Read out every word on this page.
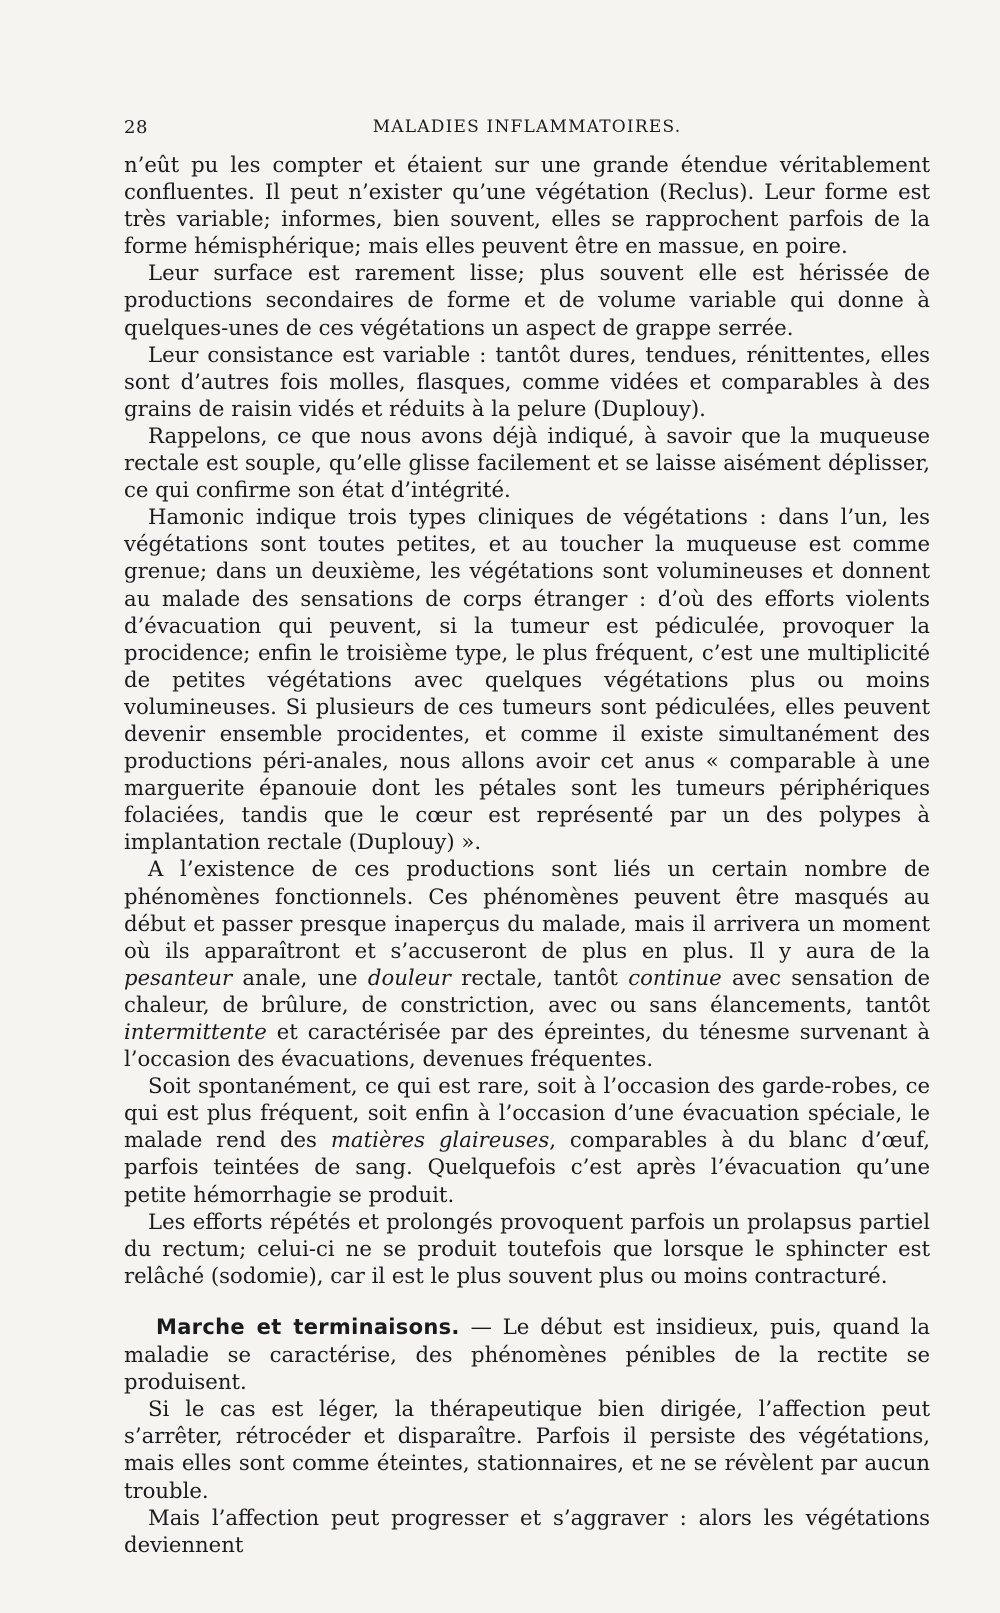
28	MALADIES INFLAMMATOIRES.

n’eût pu les compter et étaient sur une grande étendue véritablement confluentes. Il peut n’exister qu’une végétation (Reclus). Leur forme est très variable; informes, bien souvent, elles se rapprochent parfois de la forme hémisphérique; mais elles peuvent être en massue, en poire.

Leur surface est rarement lisse; plus souvent elle est hérissée de productions secondaires de forme et de volume variable qui donne à quelques-unes de ces végétations un aspect de grappe serrée.

Leur consistance est variable : tantôt dures, tendues, rénittentes, elles sont d’autres fois molles, flasques, comme vidées et comparables à des grains de raisin vidés et réduits à la pelure (Duplouy).

Rappelons, ce que nous avons déjà indiqué, à savoir que la muqueuse rectale est souple, qu’elle glisse facilement et se laisse aisément déplisser, ce qui confirme son état d’intégrité.

Hamonic indique trois types cliniques de végétations : dans l’un, les végétations sont toutes petites, et au toucher la muqueuse est comme grenue; dans un deuxième, les végétations sont volumineuses et donnent au malade des sensations de corps étranger : d’où des efforts violents d’évacuation qui peuvent, si la tumeur est pédiculée, provoquer la procidence; enfin le troisième type, le plus fréquent, c’est une multiplicité de petites végétations avec quelques végétations plus ou moins volumineuses. Si plusieurs de ces tumeurs sont pédiculées, elles peuvent devenir ensemble procidentes, et comme il existe simultanément des productions péri-anales, nous allons avoir cet anus « comparable à une marguerite épanouie dont les pétales sont les tumeurs périphériques folaciées, tandis que le cœur est représenté par un des polypes à implantation rectale (Duplouy) ».

A l’existence de ces productions sont liés un certain nombre de phénomènes fonctionnels. Ces phénomènes peuvent être masqués au début et passer presque inaperçus du malade, mais il arrivera un moment où ils apparaîtront et s’accuseront de plus en plus. Il y aura de la pesanteur anale, une douleur rectale, tantôt continue avec sensation de chaleur, de brûlure, de constriction, avec ou sans élancements, tantôt intermittente et caractérisée par des épreintes, du ténesme survenant à l’occasion des évacuations, devenues fréquentes.

Soit spontanément, ce qui est rare, soit à l’occasion des garde-robes, ce qui est plus fréquent, soit enfin à l’occasion d’une évacuation spéciale, le malade rend des matières glaireuses, comparables à du blanc d’œuf, parfois teintées de sang. Quelquefois c’est après l’évacuation qu’une petite hémorrhagie se produit.

Les efforts répétés et prolongés provoquent parfois un prolapsus partiel du rectum; celui-ci ne se produit toutefois que lorsque le sphincter est relâché (sodomie), car il est le plus souvent plus ou moins contracturé.

Marche et terminaisons. — Le début est insidieux, puis, quand la maladie se caractérise, des phénomènes pénibles de la rectite se produisent.

Si le cas est léger, la thérapeutique bien dirigée, l’affection peut s’arrêter, rétrocéder et disparaître. Parfois il persiste des végétations, mais elles sont comme éteintes, stationnaires, et ne se révèlent par aucun trouble.

Mais l’affection peut progresser et s’aggraver : alors les végétations deviennent
